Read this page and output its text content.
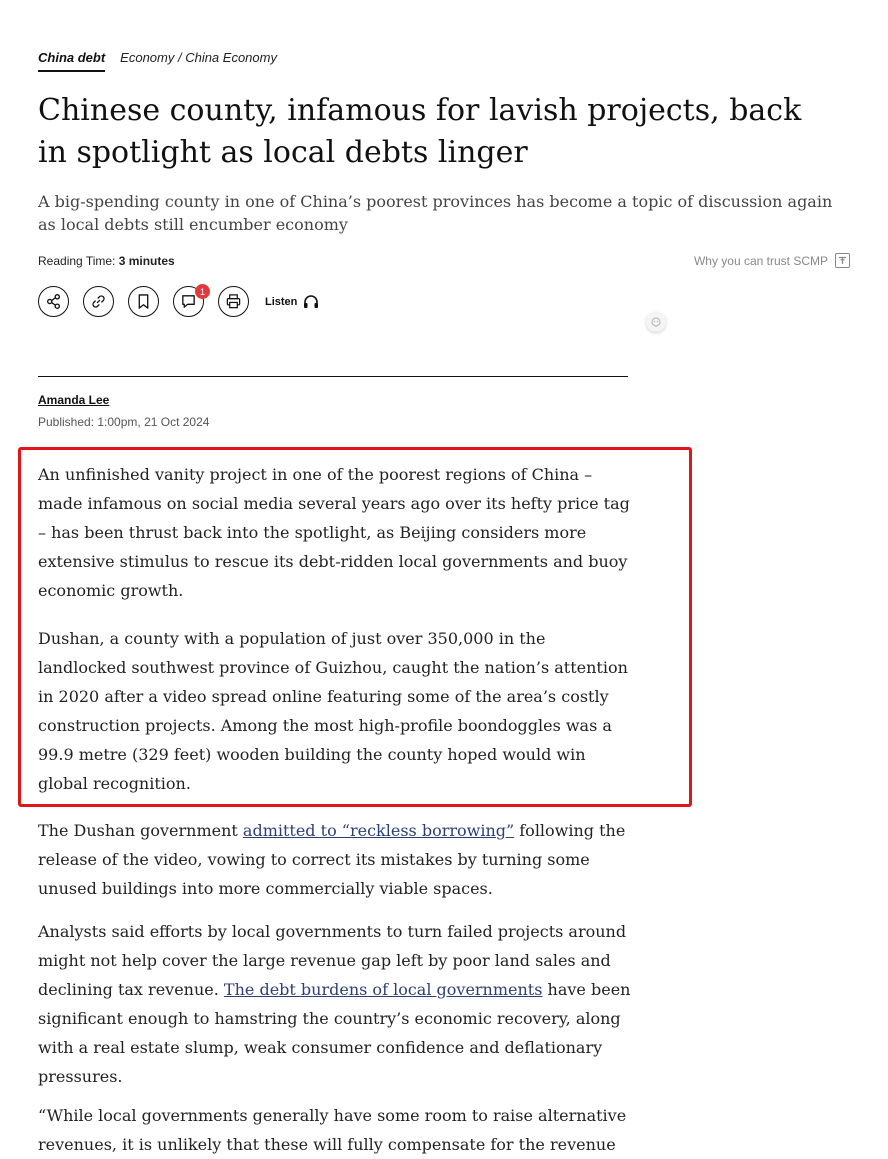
China debt Economy / China Economy
Chinese county, infamous for lavish projects, back in spotlight as local debts linger

A big-spending county in one of China’s poorest provinces has become a topic of discussion again as local debts still encumber economy

Reading Time: 3 minutes	Why you can trust SCMP
1
Listen
Amanda Lee
Published: 1:00pm, 21 Oct 2024

An unfinished vanity project in one of the poorest regions of China – made infamous on social media several years ago over its hefty price tag – has been thrust back into the spotlight, as Beijing considers more extensive stimulus to rescue its debt-ridden local governments and buoy economic growth.

Dushan, a county with a population of just over 350,000 in the landlocked southwest province of Guizhou, caught the nation’s attention in 2020 after a video spread online featuring some of the area’s costly construction projects. Among the most high-profile boondoggles was a 99.9 metre (329 feet) wooden building the county hoped would win global recognition.

The Dushan government admitted to “reckless borrowing” following the release of the video, vowing to correct its mistakes by turning some unused buildings into more commercially viable spaces.

Analysts said efforts by local governments to turn failed projects around might not help cover the large revenue gap left by poor land sales and declining tax revenue. The debt burdens of local governments have been significant enough to hamstring the country’s economic recovery, along with a real estate slump, weak consumer confidence and deflationary pressures.

“While local governments generally have some room to raise alternative revenues, it is unlikely that these will fully compensate for the revenue
